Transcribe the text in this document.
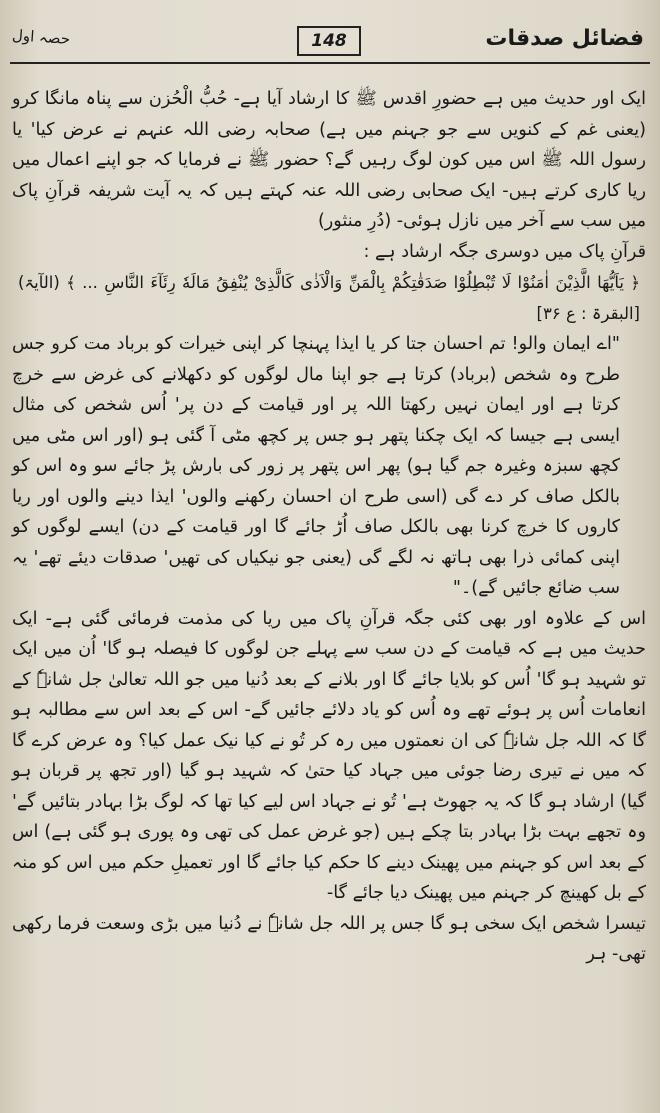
حصہ اول	148	فضائل صدقات

ایک اور حدیث میں ہے حضورِ اقدس ﷺ کا ارشاد آیا ہے- حُبُّ الْحُزن سے پناہ مانگا کرو (یعنی غم کے کنویں سے جو جہنم میں ہے) صحابہ رضی اللہ عنہم نے عرض کیا' یا رسول اللہ ﷺ اس میں کون لوگ رہیں گے؟ حضور ﷺ نے فرمایا کہ جو اپنے اعمال میں ریا کاری کرتے ہیں- ایک صحابی رضی اللہ عنہ کہتے ہیں کہ یہ آیت شریفہ قرآنِ پاک میں سب سے آخر میں نازل ہوئی- (دُرِ منثور)

قرآنِ پاک میں دوسری جگہ ارشاد ہے :

﴿ يَاَيُّهَا الَّذِيْنَ اٰمَنُوْا لَا تُبْطِلُوْا صَدَقٰتِكُمْ بِالْمَنِّ وَالْاَذٰى كَالَّذِىْ يُنْفِقُ مَالَهٗ رِئَآءَ النَّاسِ ... ﴾ (الآیۃ) [البقرۃ : ع ۳۶]

"اے ایمان والو! تم احسان جتا کر یا ایذا پہنچا کر اپنی خیرات کو برباد مت کرو جس طرح وہ شخص (برباد) کرتا ہے جو اپنا مال لوگوں کو دکھلانے کی غرض سے خرچ کرتا ہے اور ایمان نہیں رکھتا اللہ پر اور قیامت کے دن پر' اُس شخص کی مثال ایسی ہے جیسا کہ ایک چکنا پتھر ہو جس پر کچھ مٹی آ گئی ہو (اور اس مٹی میں کچھ سبزہ وغیرہ جم گیا ہو) پھر اس پتھر پر زور کی بارش پڑ جائے سو وہ اس کو بالکل صاف کر دے گی (اسی طرح ان احسان رکھنے والوں' ایذا دینے والوں اور ریا کاروں کا خرچ کرنا بھی بالکل صاف اُڑ جائے گا اور قیامت کے دن) ایسے لوگوں کو اپنی کمائی ذرا بھی ہاتھ نہ لگے گی (یعنی جو نیکیاں کی تھیں' صدقات دیئے تھے' یہ سب ضائع جائیں گے)۔"

اس کے علاوہ اور بھی کئی جگہ قرآنِ پاک میں ریا کی مذمت فرمائی گئی ہے- ایک حدیث میں ہے کہ قیامت کے دن سب سے پہلے جن لوگوں کا فیصلہ ہو گا' اُن میں ایک تو شہید ہو گا' اُس کو بلایا جائے گا اور بلانے کے بعد دُنیا میں جو اللہ تعالیٰ جل شانہٗ کے انعامات اُس پر ہوئے تھے وہ اُس کو یاد دلائے جائیں گے- اس کے بعد اس سے مطالبہ ہو گا کہ اللہ جل شانہٗ کی ان نعمتوں میں رہ کر تُو نے کیا نیک عمل کیا؟ وہ عرض کرے گا کہ میں نے تیری رضا جوئی میں جہاد کیا حتیٰ کہ شہید ہو گیا (اور تجھ پر قربان ہو گیا) ارشاد ہو گا کہ یہ جھوٹ ہے' تُو نے جہاد اس لیے کیا تھا کہ لوگ بڑا بہادر بتائیں گے' وہ تجھے بہت بڑا بہادر بتا چکے ہیں (جو غرض عمل کی تھی وہ پوری ہو گئی ہے) اس کے بعد اس کو جہنم میں پھینک دینے کا حکم کیا جائے گا اور تعمیلِ حکم میں اس کو منہ کے بل کھینچ کر جہنم میں پھینک دیا جائے گا-

تیسرا شخص ایک سخی ہو گا جس پر اللہ جل شانہٗ نے دُنیا میں بڑی وسعت فرما رکھی تھی- ہر
